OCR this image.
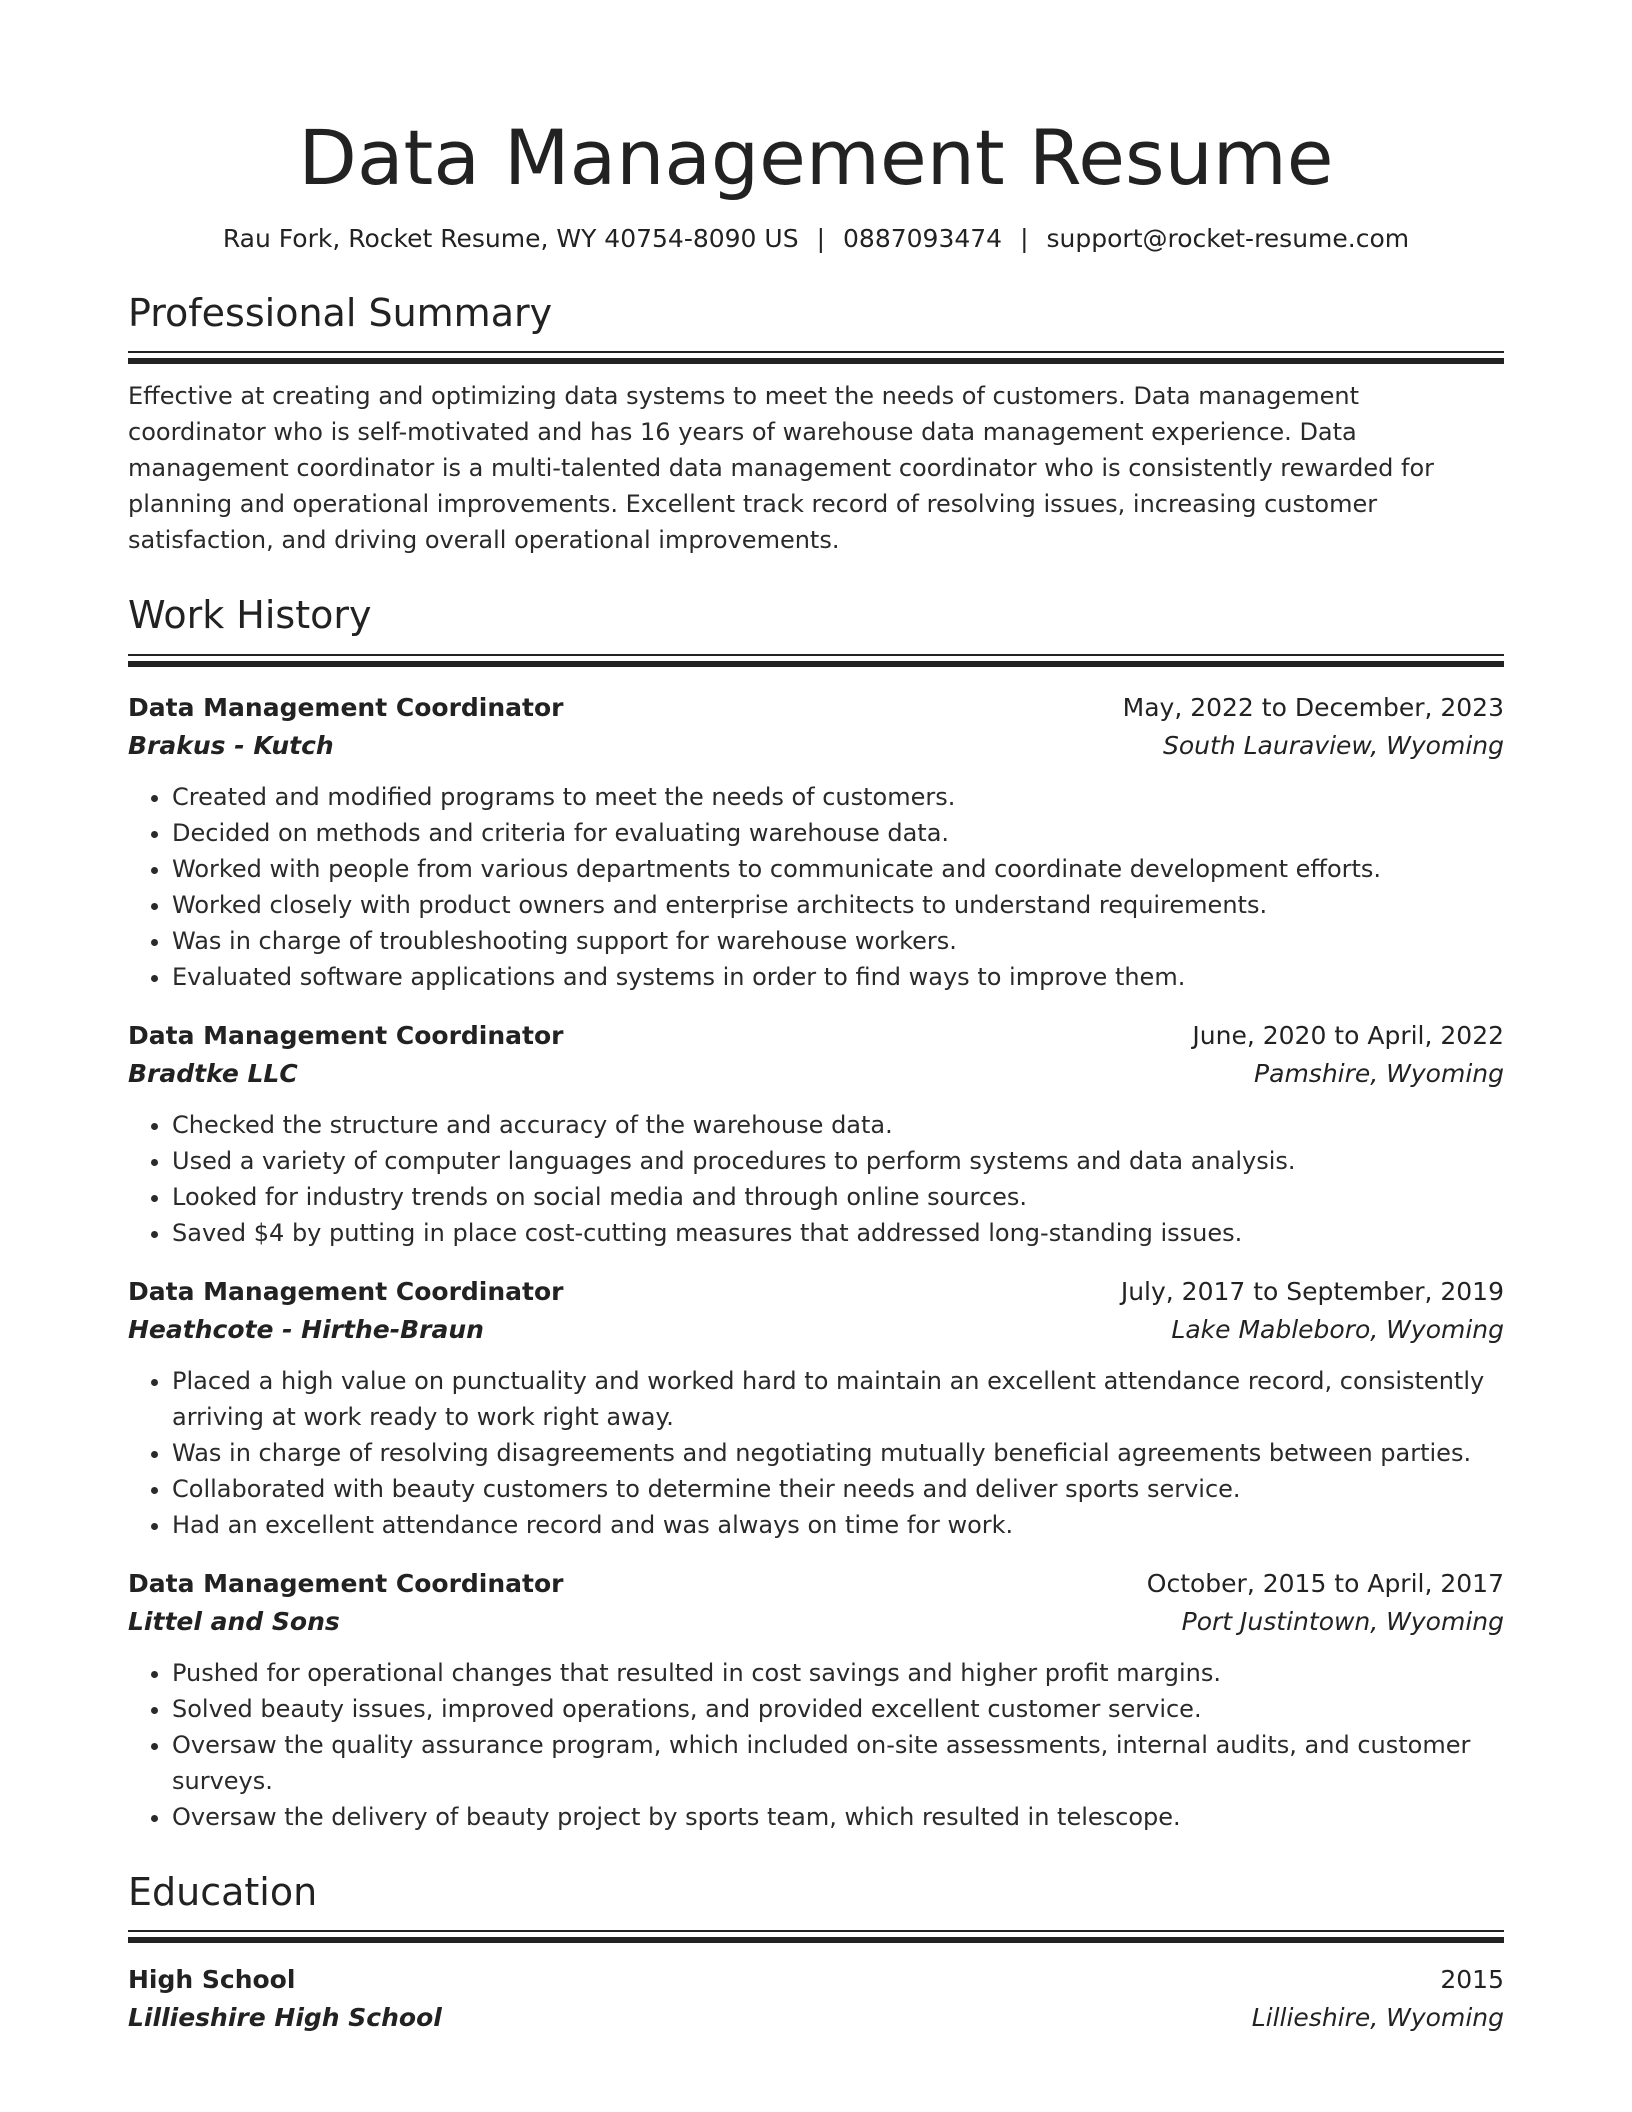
Data Management Resume
Rau Fork, Rocket Resume, WY 40754-8090 US | 0887093474 | support@rocket-resume.com
Professional Summary
Effective at creating and optimizing data systems to meet the needs of customers. Data management coordinator who is self-motivated and has 16 years of warehouse data management experience. Data management coordinator is a multi-talented data management coordinator who is consistently rewarded for planning and operational improvements. Excellent track record of resolving issues, increasing customer satisfaction, and driving overall operational improvements.
Work History
Data Management Coordinator	May, 2022 to December, 2023
Brakus - Kutch	South Lauraview, Wyoming
• Created and modified programs to meet the needs of customers.
• Decided on methods and criteria for evaluating warehouse data.
• Worked with people from various departments to communicate and coordinate development efforts.
• Worked closely with product owners and enterprise architects to understand requirements.
• Was in charge of troubleshooting support for warehouse workers.
• Evaluated software applications and systems in order to find ways to improve them.
Data Management Coordinator	June, 2020 to April, 2022
Bradtke LLC	Pamshire, Wyoming
• Checked the structure and accuracy of the warehouse data.
• Used a variety of computer languages and procedures to perform systems and data analysis.
• Looked for industry trends on social media and through online sources.
• Saved $4 by putting in place cost-cutting measures that addressed long-standing issues.
Data Management Coordinator	July, 2017 to September, 2019
Heathcote - Hirthe-Braun	Lake Mableboro, Wyoming
• Placed a high value on punctuality and worked hard to maintain an excellent attendance record, consistently arriving at work ready to work right away.
• Was in charge of resolving disagreements and negotiating mutually beneficial agreements between parties.
• Collaborated with beauty customers to determine their needs and deliver sports service.
• Had an excellent attendance record and was always on time for work.
Data Management Coordinator	October, 2015 to April, 2017
Littel and Sons	Port Justintown, Wyoming
• Pushed for operational changes that resulted in cost savings and higher profit margins.
• Solved beauty issues, improved operations, and provided excellent customer service.
• Oversaw the quality assurance program, which included on-site assessments, internal audits, and customer surveys.
• Oversaw the delivery of beauty project by sports team, which resulted in telescope.
Education
High School	2015
Lillieshire High School	Lillieshire, Wyoming
